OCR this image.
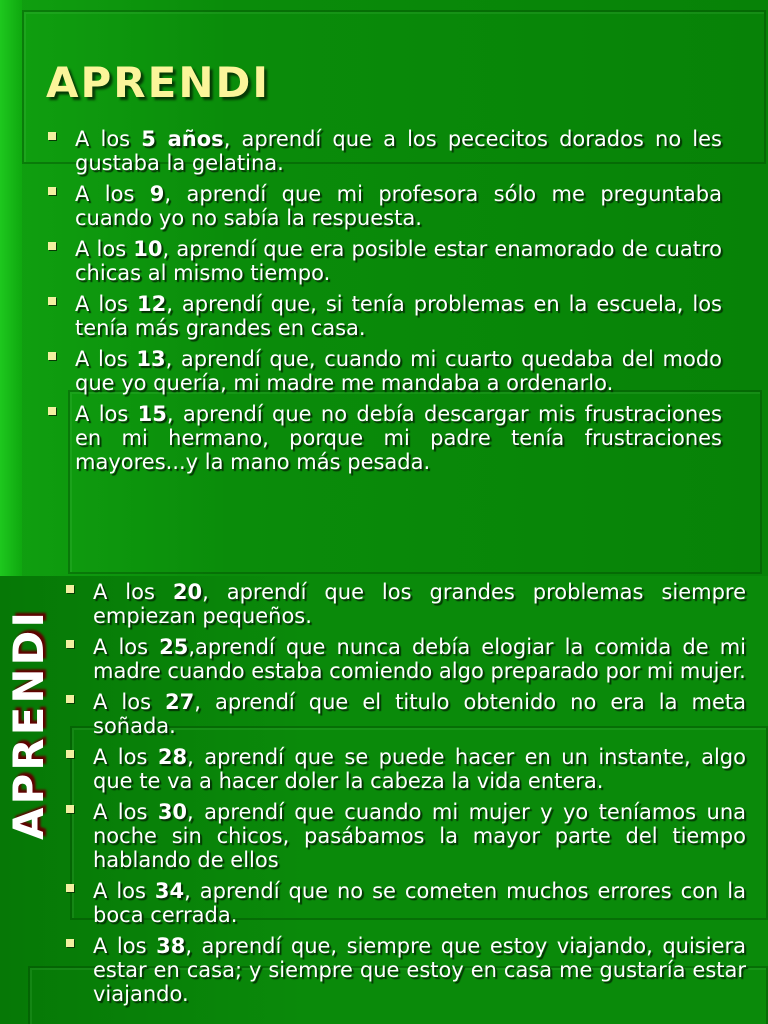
APRENDI
A los 5 años, aprendí que a los pececitos dorados no les gustaba la gelatina.
A los 9, aprendí que mi profesora sólo me preguntaba cuando yo no sabía la respuesta.
A los 10, aprendí que era posible estar enamorado de cuatro chicas al mismo tiempo.
A los 12, aprendí que, si tenía problemas en la escuela, los tenía más grandes en casa.
A los 13, aprendí que, cuando mi cuarto quedaba del modo que yo quería, mi madre me mandaba a ordenarlo.
A los 15, aprendí que no debía descargar mis frustraciones en mi hermano, porque mi padre tenía frustraciones mayores...y la mano más pesada.
A los 20, aprendí que los grandes problemas siempre empiezan pequeños.
A los 25,aprendí que nunca debía elogiar la comida de mi madre cuando estaba comiendo algo preparado por mi mujer.
A los 27, aprendí que el titulo obtenido no era la meta soñada.
A los 28, aprendí que se puede hacer en un instante, algo que te va a hacer doler la cabeza la vida entera.
A los 30, aprendí que cuando mi mujer y yo teníamos una noche sin chicos, pasábamos la mayor parte del tiempo hablando de ellos
A los 34, aprendí que no se cometen muchos errores con la boca cerrada.
A los 38, aprendí que, siempre que estoy viajando, quisiera estar en casa; y siempre que estoy en casa me gustaría estar viajando.
APRENDI
